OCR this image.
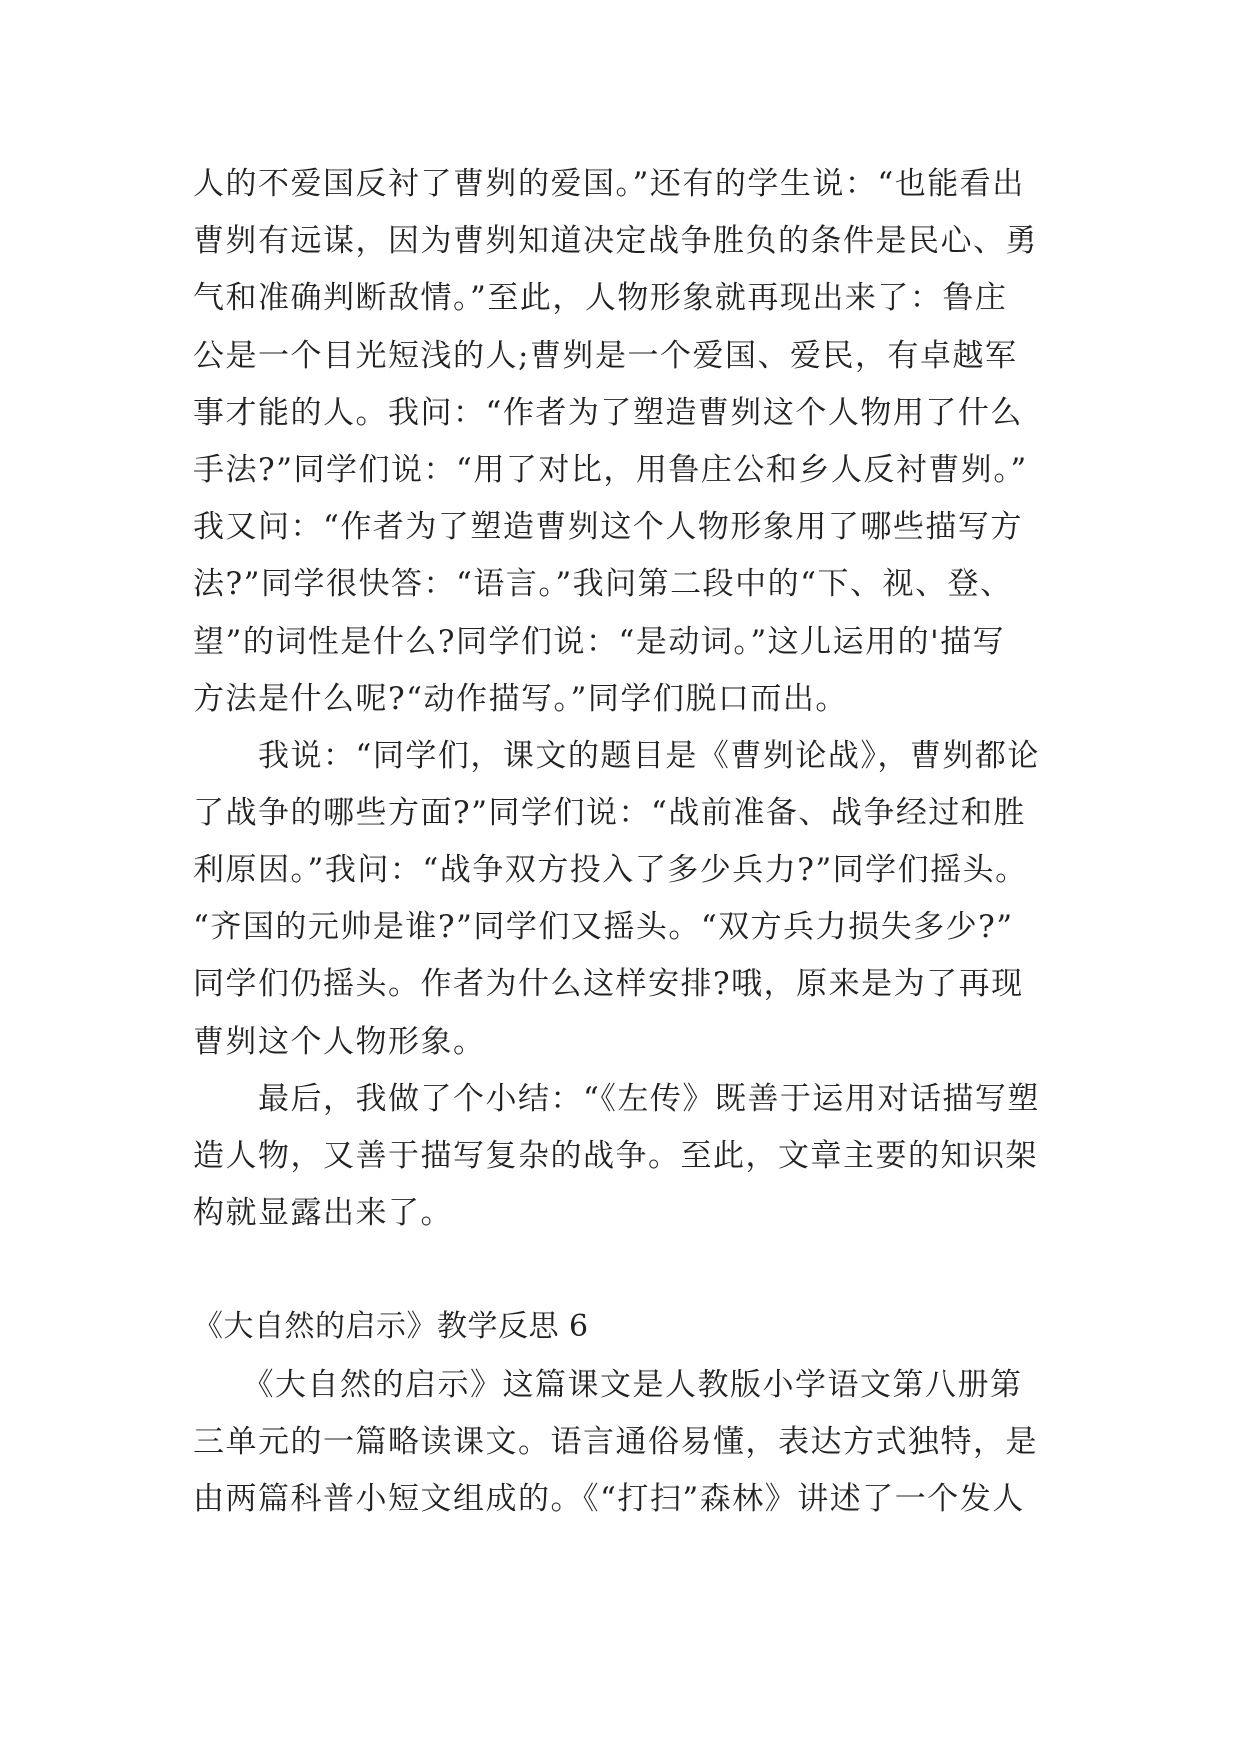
人的不爱国反衬了曹刿的爱国。”还有的学生说：“也能看出
曹刿有远谋，因为曹刿知道决定战争胜负的条件是民心、勇
气和准确判断敌情。”至此，人物形象就再现出来了：鲁庄
公是一个目光短浅的人;曹刿是一个爱国、爱民，有卓越军
事才能的人。我问：“作者为了塑造曹刿这个人物用了什么
手法?”同学们说：“用了对比，用鲁庄公和乡人反衬曹刿。”
我又问：“作者为了塑造曹刿这个人物形象用了哪些描写方
法?”同学很快答：“语言。”我问第二段中的“下、视、登、
望”的词性是什么?同学们说：“是动词。”这儿运用的'描写
方法是什么呢?“动作描写。”同学们脱口而出。
　　我说：“同学们，课文的题目是《曹刿论战》，曹刿都论
了战争的哪些方面?”同学们说：“战前准备、战争经过和胜
利原因。”我问：“战争双方投入了多少兵力?”同学们摇头。
“齐国的元帅是谁?”同学们又摇头。“双方兵力损失多少?”
同学们仍摇头。作者为什么这样安排?哦，原来是为了再现
曹刿这个人物形象。
　　最后，我做了个小结：“《左传》既善于运用对话描写塑
造人物，又善于描写复杂的战争。至此，文章主要的知识架
构就显露出来了。
《大自然的启示》教学反思 6
　　《大自然的启示》这篇课文是人教版小学语文第八册第
三单元的一篇略读课文。语言通俗易懂，表达方式独特，是
由两篇科普小短文组成的。《“打扫”森林》讲述了一个发人
